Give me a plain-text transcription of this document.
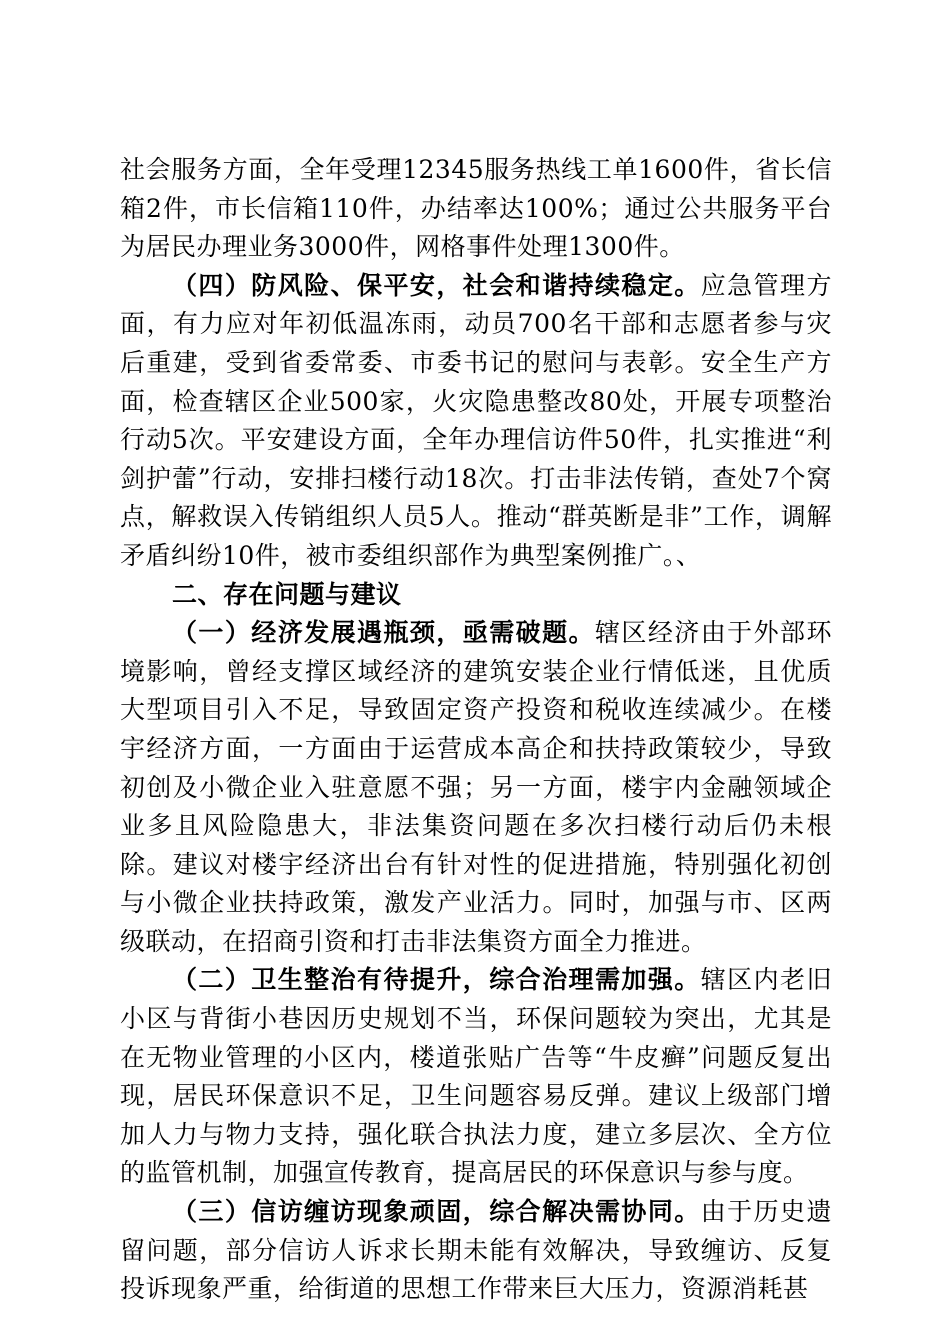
社会服务方面，全年受理12345服务热线工单1600件，省长信箱2件，市长信箱110件，办结率达100%；通过公共服务平台为居民办理业务3000件，网格事件处理1300件。

（四）防风险、保平安，社会和谐持续稳定。应急管理方面，有力应对年初低温冻雨，动员700名干部和志愿者参与灾后重建，受到省委常委、市委书记的慰问与表彰。安全生产方面，检查辖区企业500家，火灾隐患整改80处，开展专项整治行动5次。平安建设方面，全年办理信访件50件，扎实推进“利剑护蕾”行动，安排扫楼行动18次。打击非法传销，查处7个窝点，解救误入传销组织人员5人。推动“群英断是非”工作，调解矛盾纠纷10件，被市委组织部作为典型案例推广。、

二、存在问题与建议

（一）经济发展遇瓶颈，亟需破题。辖区经济由于外部环境影响，曾经支撑区域经济的建筑安装企业行情低迷，且优质大型项目引入不足，导致固定资产投资和税收连续减少。在楼宇经济方面，一方面由于运营成本高企和扶持政策较少，导致初创及小微企业入驻意愿不强；另一方面，楼宇内金融领域企业多且风险隐患大，非法集资问题在多次扫楼行动后仍未根除。建议对楼宇经济出台有针对性的促进措施，特别强化初创与小微企业扶持政策，激发产业活力。同时，加强与市、区两级联动，在招商引资和打击非法集资方面全力推进。

（二）卫生整治有待提升，综合治理需加强。辖区内老旧小区与背街小巷因历史规划不当，环保问题较为突出，尤其是在无物业管理的小区内，楼道张贴广告等“牛皮癣”问题反复出现，居民环保意识不足，卫生问题容易反弹。建议上级部门增加人力与物力支持，强化联合执法力度，建立多层次、全方位的监管机制，加强宣传教育，提高居民的环保意识与参与度。

（三）信访缠访现象顽固，综合解决需协同。由于历史遗留问题，部分信访人诉求长期未能有效解决，导致缠访、反复投诉现象严重，给街道的思想工作带来巨大压力，资源消耗甚
